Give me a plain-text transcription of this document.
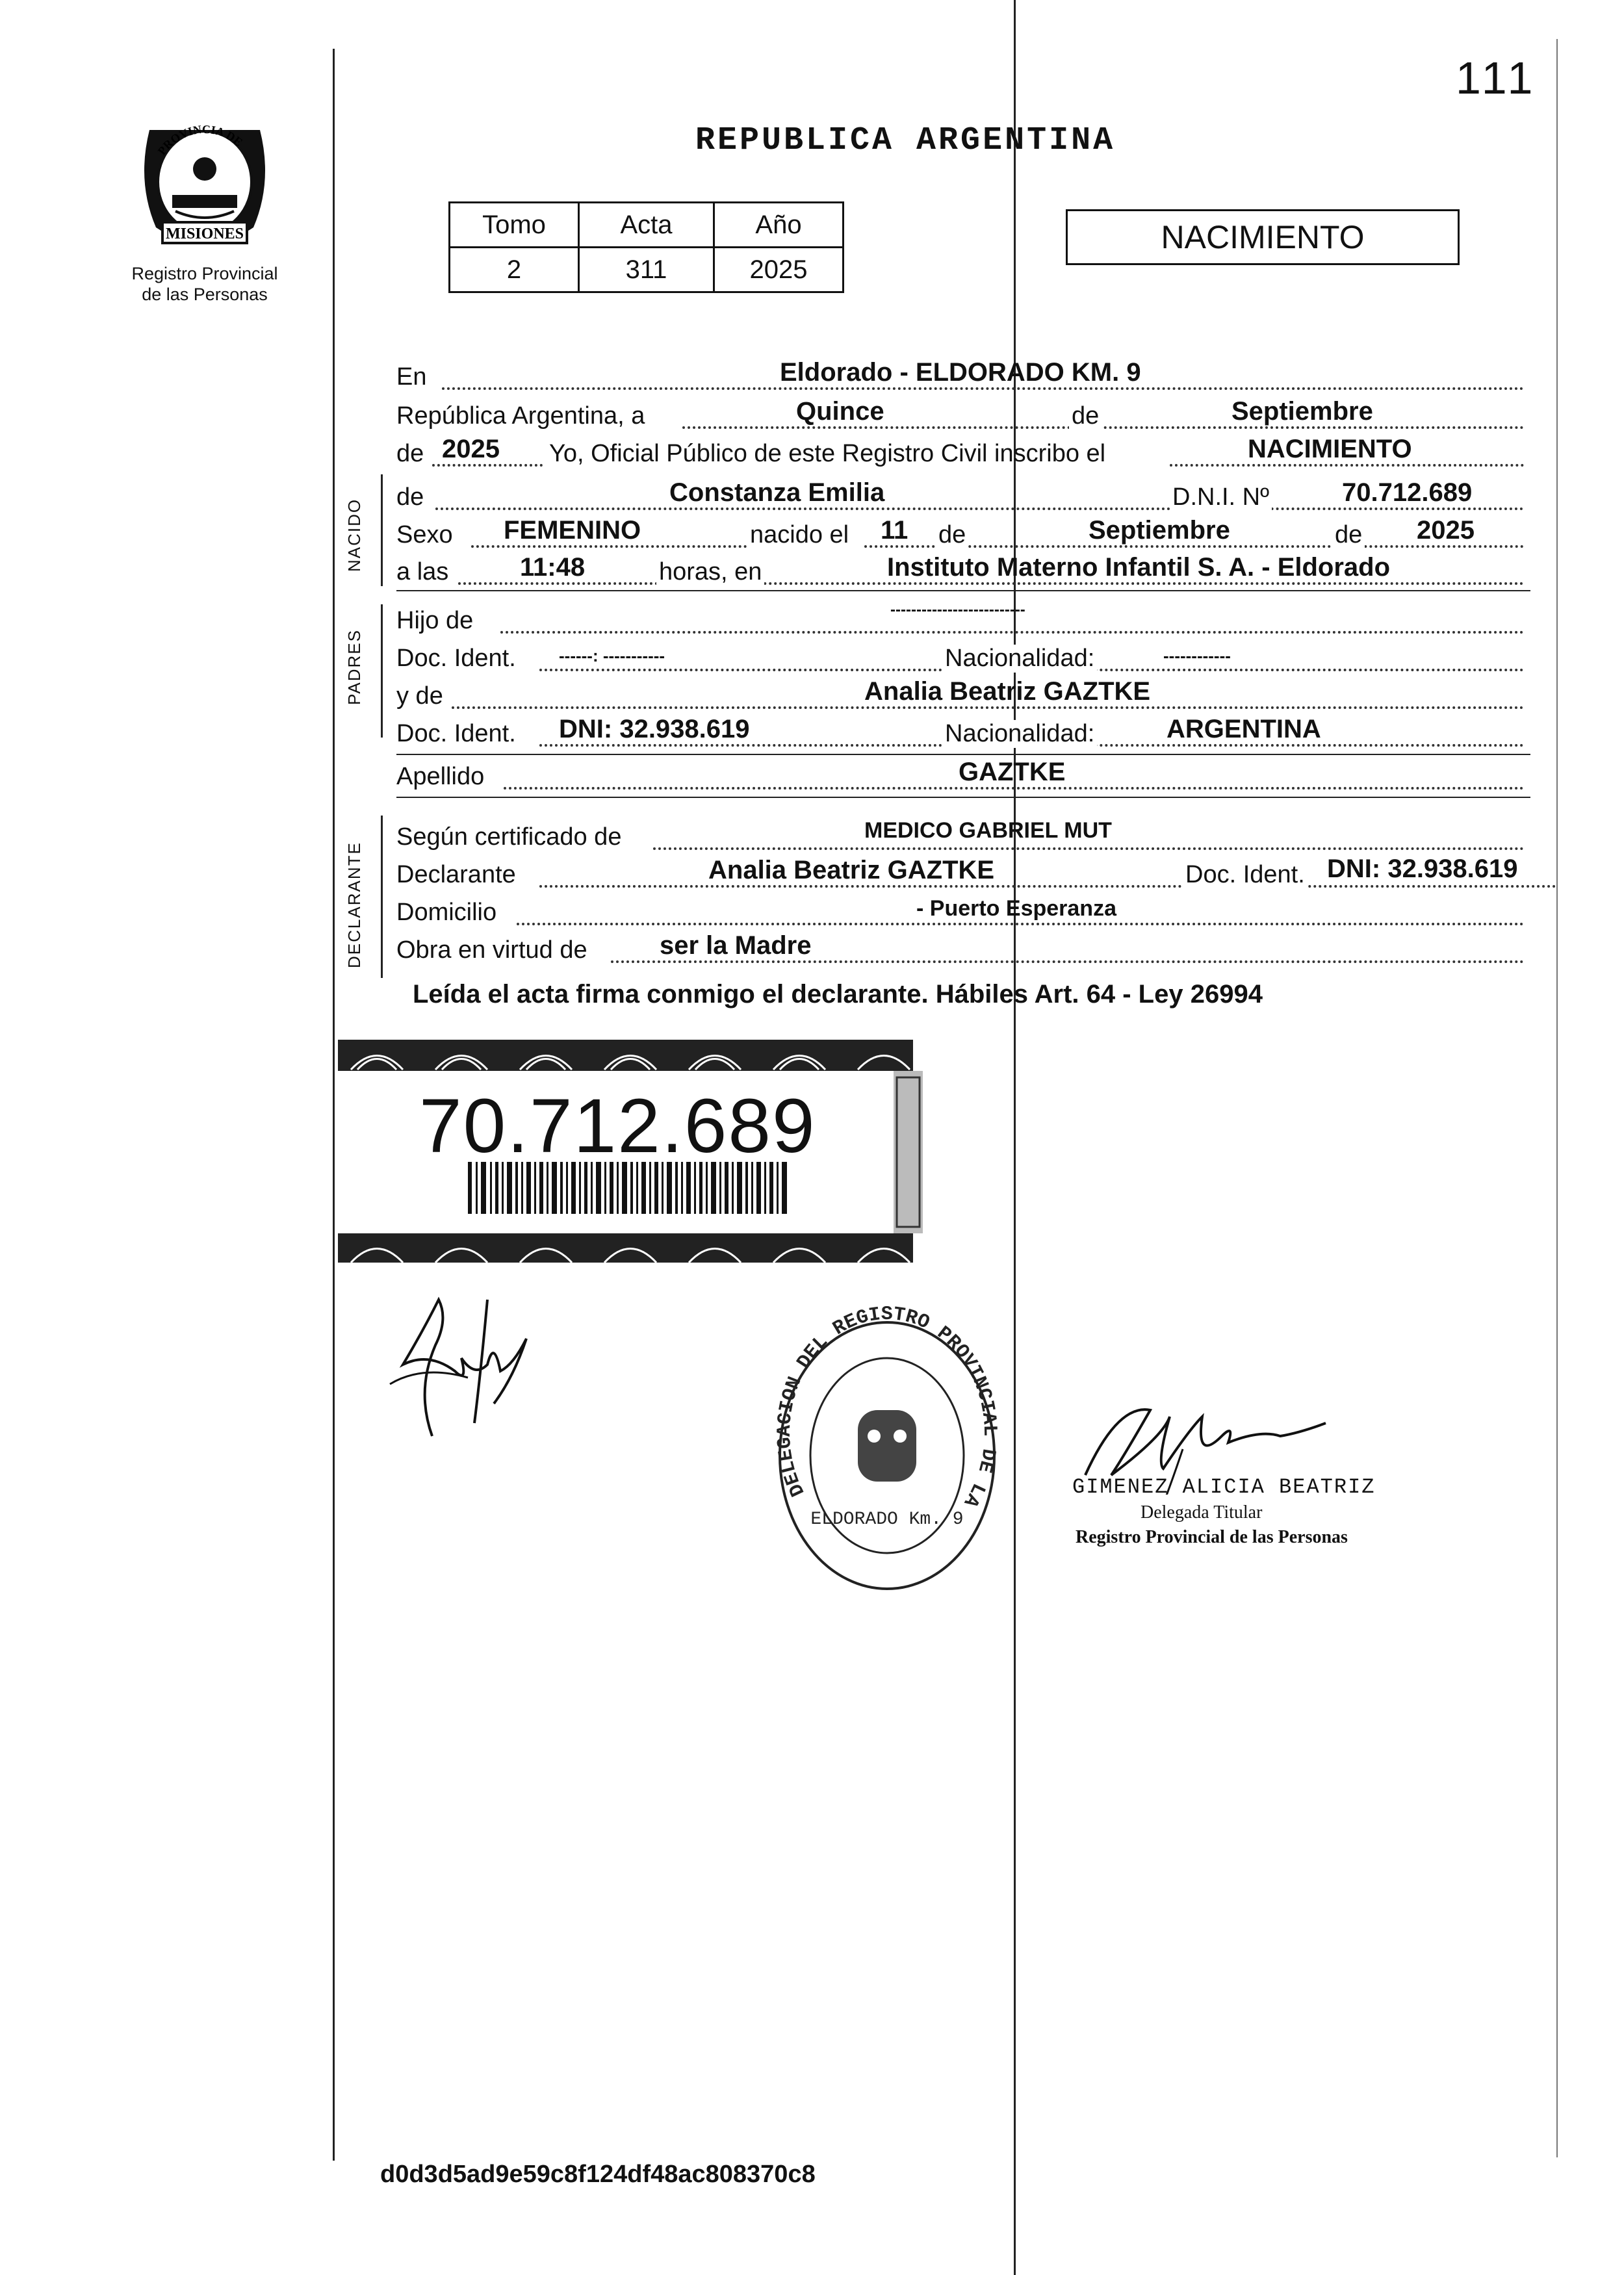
111
REPUBLICA ARGENTINA
MISIONES
PROVINCIA DE
Registro Provincial
de las Personas
Tomo	Acta	Año
2	311	2025
NACIMIENTO
En	Eldorado - ELDORADO KM. 9
República Argentina, a	Quince	de	Septiembre
de 2025 Yo, Oficial Público de este Registro Civil inscribo el	NACIMIENTO
NACIDO
de	Constanza Emilia	D.N.I. Nº	70.712.689
Sexo FEMENINO	nacido el 11 de	Septiembre	de 2025
a las	11:48	horas, en	Instituto Materno Infantil S. A. - Eldorado
PADRES
Hijo de	--------------------------
Doc. Ident.	------: -----------	Nacionalidad:	------------
y de	Analia Beatriz GAZTKE
Doc. Ident. DNI: 32.938.619	Nacionalidad:	ARGENTINA
Apellido	GAZTKE
DECLARANTE
Según certificado de	MEDICO GABRIEL MUT
Declarante	Analia Beatriz GAZTKE	Doc. Ident. DNI: 32.938.619
Domicilio	- Puerto Esperanza
Obra en virtud de	ser la Madre
Leída el acta firma conmigo el declarante. Hábiles Art. 64 - Ley 26994
70.712.689
DELEGACION DEL REGISTRO PROVINCIAL DE LA
ELDORADO Km. 9
GIMENEZ ALICIA BEATRIZ
Delegada Titular
Registro Provincial de las Personas
d0d3d5ad9e59c8f124df48ac808370c8
